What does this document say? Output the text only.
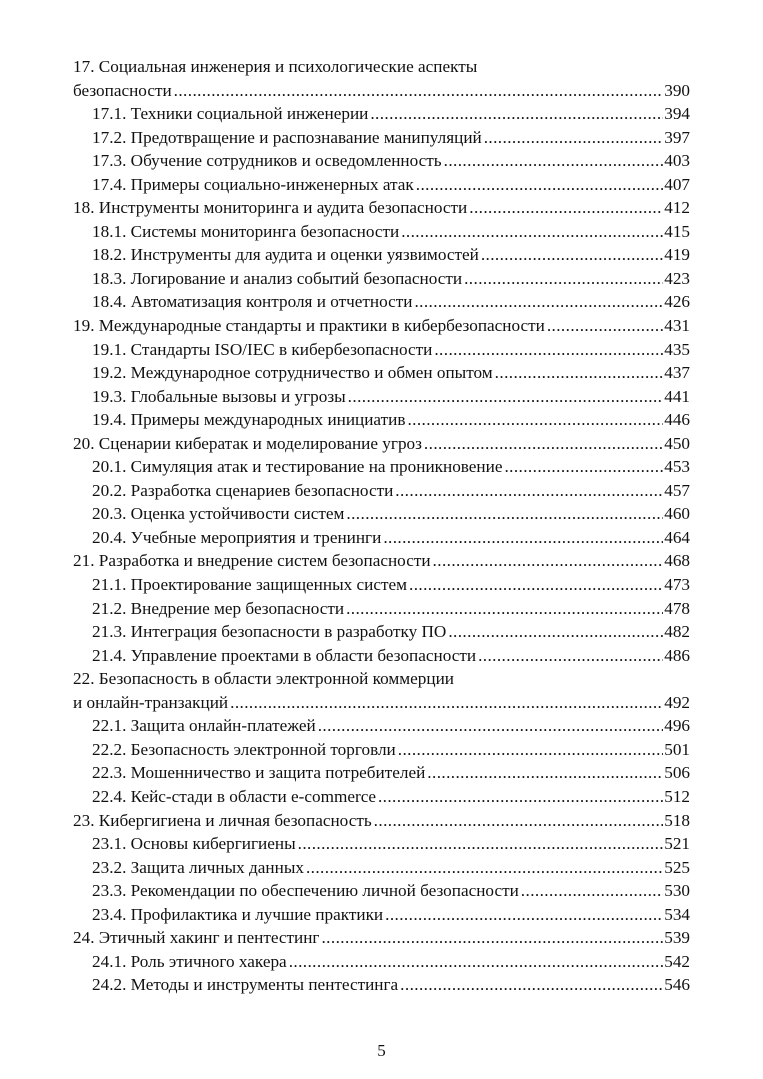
17. Социальная инженерия и психологические аспекты
безопасности .....	390
17.1. Техники социальной инженерии .....	394
17.2. Предотвращение и распознавание манипуляций .....	397
17.3. Обучение сотрудников и осведомленность .....	403
17.4. Примеры социально-инженерных атак .....	407
18. Инструменты мониторинга и аудита безопасности .....	412
18.1. Системы мониторинга безопасности .....	415
18.2. Инструменты для аудита и оценки уязвимостей .....	419
18.3. Логирование и анализ событий безопасности .....	423
18.4. Автоматизация контроля и отчетности .....	426
19. Международные стандарты и практики в кибербезопасности .....	431
19.1. Стандарты ISO/IEC в кибербезопасности .....	435
19.2. Международное сотрудничество и обмен опытом .....	437
19.3. Глобальные вызовы и угрозы .....	441
19.4. Примеры международных инициатив .....	446
20. Сценарии кибератак и моделирование угроз .....	450
20.1. Симуляция атак и тестирование на проникновение .....	453
20.2. Разработка сценариев безопасности .....	457
20.3. Оценка устойчивости систем .....	460
20.4. Учебные мероприятия и тренинги .....	464
21. Разработка и внедрение систем безопасности .....	468
21.1. Проектирование защищенных систем .....	473
21.2. Внедрение мер безопасности .....	478
21.3. Интеграция безопасности в разработку ПО .....	482
21.4. Управление проектами в области безопасности .....	486
22. Безопасность в области электронной коммерции
и онлайн-транзакций .....	492
22.1. Защита онлайн-платежей .....	496
22.2. Безопасность электронной торговли .....	501
22.3. Мошенничество и защита потребителей .....	506
22.4. Кейс-стади в области e-commerce .....	512
23. Кибергигиена и личная безопасность .....	518
23.1. Основы кибергигиены .....	521
23.2. Защита личных данных .....	525
23.3. Рекомендации по обеспечению личной безопасности .....	530
23.4. Профилактика и лучшие практики .....	534
24. Этичный хакинг и пентестинг .....	539
24.1. Роль этичного хакера .....	542
24.2. Методы и инструменты пентестинга .....	546
5
